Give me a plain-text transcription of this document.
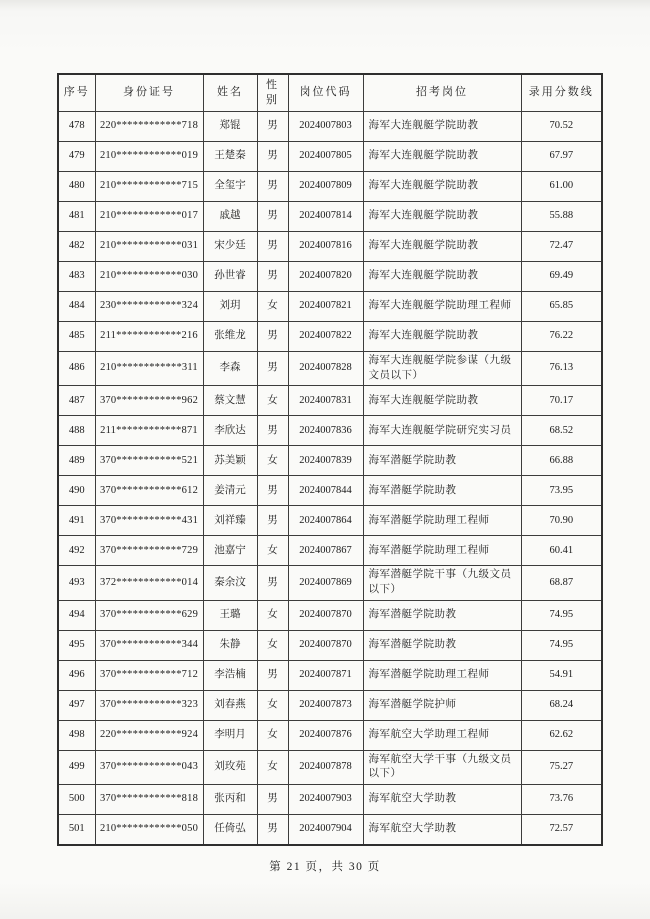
序号	身份证号	姓名	性别	岗位代码	招考岗位	录用分数线
478	220************718	郑锟	男	2024007803	海军大连舰艇学院助教	70.52
479	210************019	王楚秦	男	2024007805	海军大连舰艇学院助教	67.97
480	210************715	全玺宇	男	2024007809	海军大连舰艇学院助教	61.00
481	210************017	戚越	男	2024007814	海军大连舰艇学院助教	55.88
482	210************031	宋少廷	男	2024007816	海军大连舰艇学院助教	72.47
483	210************030	孙世睿	男	2024007820	海军大连舰艇学院助教	69.49
484	230************324	刘玥	女	2024007821	海军大连舰艇学院助理工程师	65.85
485	211************216	张维龙	男	2024007822	海军大连舰艇学院助教	76.22
486	210************311	李森	男	2024007828	海军大连舰艇学院参谋（九级文员以下）	76.13
487	370************962	蔡文慧	女	2024007831	海军大连舰艇学院助教	70.17
488	211************871	李欣达	男	2024007836	海军大连舰艇学院研究实习员	68.52
489	370************521	苏美颖	女	2024007839	海军潜艇学院助教	66.88
490	370************612	姜清元	男	2024007844	海军潜艇学院助教	73.95
491	370************431	刘祥臻	男	2024007864	海军潜艇学院助理工程师	70.90
492	370************729	池嘉宁	女	2024007867	海军潜艇学院助理工程师	60.41
493	372************014	秦余汶	男	2024007869	海军潜艇学院干事（九级文员以下）	68.87
494	370************629	王璐	女	2024007870	海军潜艇学院助教	74.95
495	370************344	朱静	女	2024007870	海军潜艇学院助教	74.95
496	370************712	李浩楠	男	2024007871	海军潜艇学院助理工程师	54.91
497	370************323	刘春燕	女	2024007873	海军潜艇学院护师	68.24
498	220************924	李明月	女	2024007876	海军航空大学助理工程师	62.62
499	370************043	刘玫苑	女	2024007878	海军航空大学干事（九级文员以下）	75.27
500	370************818	张丙和	男	2024007903	海军航空大学助教	73.76
501	210************050	任倚弘	男	2024007904	海军航空大学助教	72.57
第 21 页，共 30 页
